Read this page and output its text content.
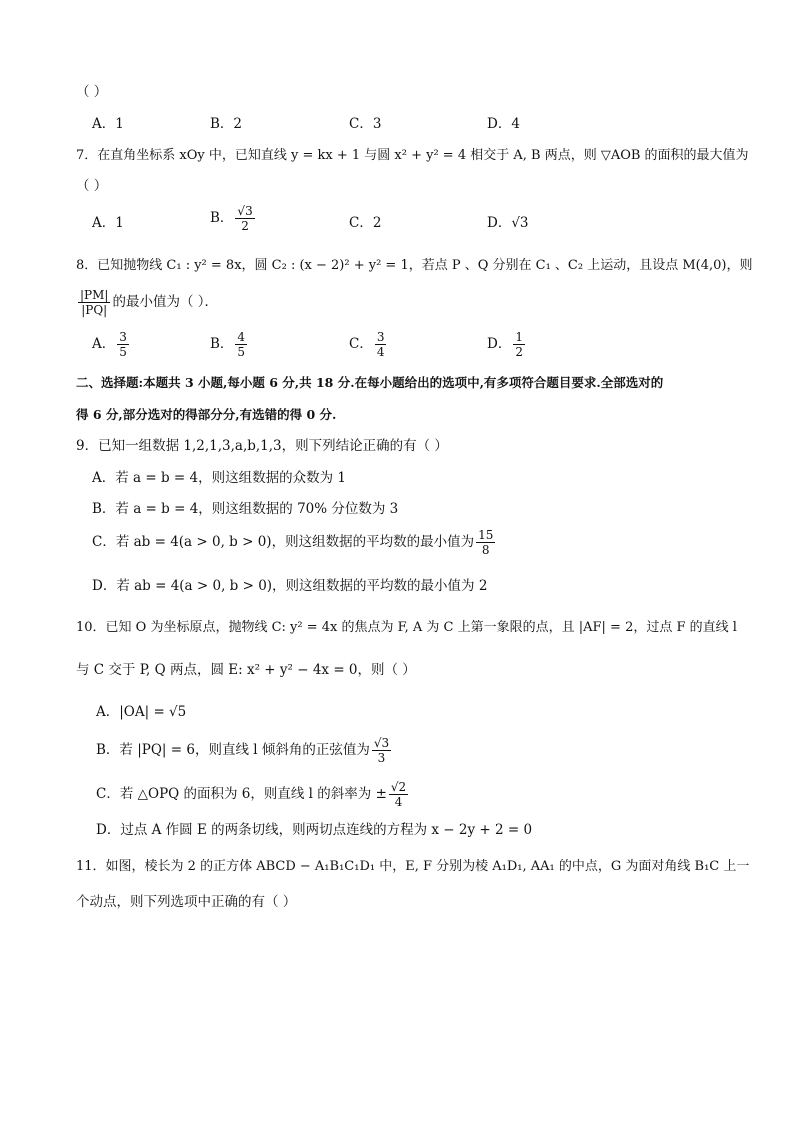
（ ）
A．1	B．2	C．3	D．4
7．在直角坐标系 xOy 中，已知直线 y = kx + 1 与圆 x² + y² = 4 相交于 A, B 两点，则 ▽AOB 的面积的最大值为
（ ）
A．1	B． $\frac{√3}{2}$	C．2	D．√3
8．已知抛物线 C₁ : y² = 8x，圆 C₂ : (x − 2)² + y² = 1，若点 P 、Q 分别在 C₁ 、C₂ 上运动，且设点 M(4,0)，则
$\frac{|PM|}{|PQ|}$ 的最小值为（ ）．
A． $\frac{3}{5}$	B． $\frac{4}{5}$	C． $\frac{3}{4}$	D． $\frac{1}{2}$
二、选择题:本题共 3 小题,每小题 6 分,共 18 分.在每小题给出的选项中,有多项符合题目要求.全部选对的
得 6 分,部分选对的得部分分,有选错的得 0 分.
9．已知一组数据 1,2,1,3,a,b,1,3，则下列结论正确的有（ ）
A．若 a = b = 4，则这组数据的众数为 1
B．若 a = b = 4，则这组数据的 70% 分位数为 3
C．若 ab = 4(a > 0, b > 0)，则这组数据的平均数的最小值为 $\frac{15}{8}$
D．若 ab = 4(a > 0, b > 0)，则这组数据的平均数的最小值为 2
10．已知 O 为坐标原点，抛物线 C: y² = 4x 的焦点为 F, A 为 C 上第一象限的点，且 |AF| = 2，过点 F 的直线 l
与 C 交于 P, Q 两点，圆 E: x² + y² − 4x = 0，则（ ）
A．|OA| = √5
B．若 |PQ| = 6，则直线 l 倾斜角的正弦值为 $\frac{√3}{3}$
C．若 △OPQ 的面积为 6，则直线 l 的斜率为 ± $\frac{√2}{4}$
D．过点 A 作圆 E 的两条切线，则两切点连线的方程为 x − 2y + 2 = 0
11．如图，棱长为 2 的正方体 ABCD − A₁B₁C₁D₁ 中，E, F 分别为棱 A₁D₁, AA₁ 的中点，G 为面对角线 B₁C 上一
个动点，则下列选项中正确的有（ ）
